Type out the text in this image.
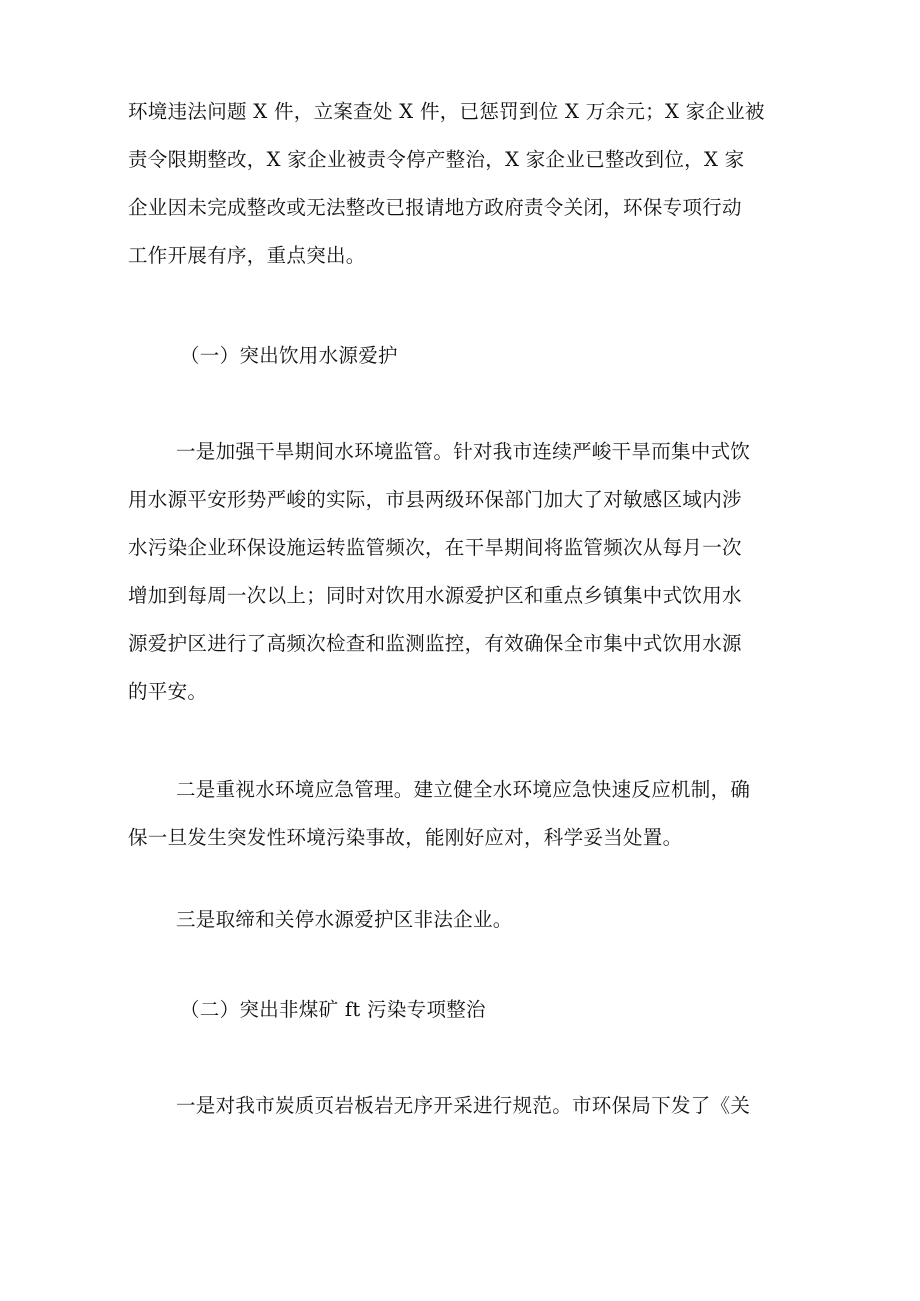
环境违法问题 X 件，立案查处 X 件，已惩罚到位 X 万余元；X 家企业被
责令限期整改，X 家企业被责令停产整治，X 家企业已整改到位，X 家
企业因未完成整改或无法整改已报请地方政府责令关闭，环保专项行动
工作开展有序，重点突出。
（一）突出饮用水源爱护
一是加强干旱期间水环境监管。针对我市连续严峻干旱而集中式饮
用水源平安形势严峻的实际，市县两级环保部门加大了对敏感区域内涉
水污染企业环保设施运转监管频次，在干旱期间将监管频次从每月一次
增加到每周一次以上；同时对饮用水源爱护区和重点乡镇集中式饮用水
源爱护区进行了高频次检查和监测监控，有效确保全市集中式饮用水源
的平安。
二是重视水环境应急管理。建立健全水环境应急快速反应机制，确
保一旦发生突发性环境污染事故，能刚好应对，科学妥当处置。
三是取缔和关停水源爱护区非法企业。
（二）突出非煤矿 ft 污染专项整治
一是对我市炭质页岩板岩无序开采进行规范。市环保局下发了《关
